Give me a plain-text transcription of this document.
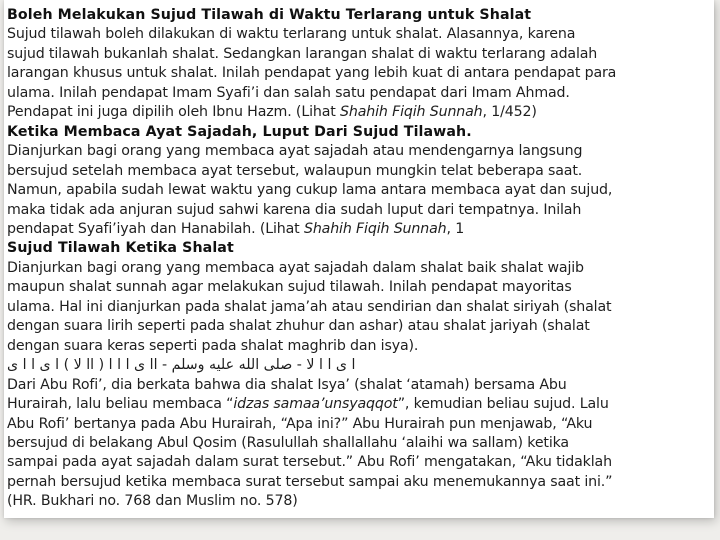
Boleh Melakukan Sujud Tilawah di Waktu Terlarang untuk Shalat

Sujud tilawah boleh dilakukan di waktu terlarang untuk shalat. Alasannya, karena
sujud tilawah bukanlah shalat. Sedangkan larangan shalat di waktu terlarang adalah
larangan khusus untuk shalat. Inilah pendapat yang lebih kuat di antara pendapat para
ulama. Inilah pendapat Imam Syafi’i dan salah satu pendapat dari Imam Ahmad.
Pendapat ini juga dipilih oleh Ibnu Hazm. (Lihat Shahih Fiqih Sunnah, 1/452)

Ketika Membaca Ayat Sajadah, Luput Dari Sujud Tilawah.

Dianjurkan bagi orang yang membaca ayat sajadah atau mendengarnya langsung
bersujud setelah membaca ayat tersebut, walaupun mungkin telat beberapa saat.
Namun, apabila sudah lewat waktu yang cukup lama antara membaca ayat dan sujud,
maka tidak ada anjuran sujud sahwi karena dia sudah luput dari tempatnya. Inilah
pendapat Syafi’iyah dan Hanabilah. (Lihat Shahih Fiqih Sunnah, 1

Sujud Tilawah Ketika Shalat

Dianjurkan bagi orang yang membaca ayat sajadah dalam shalat baik shalat wajib
maupun shalat sunnah agar melakukan sujud tilawah. Inilah pendapat mayoritas
ulama. Hal ini dianjurkan pada shalat jama’ah atau sendirian dan shalat siriyah (shalat
dengan suara lirih seperti pada shalat zhuhur dan ashar) atau shalat jariyah (shalat
dengan suara keras seperti pada shalat maghrib dan isya).

ا ى ا ا لا - صلى الله عليه وسلم - اا ى ا ا ا ( اا لا ) ا ى ا ا ى

Dari Abu Rofi’, dia berkata bahwa dia shalat Isya’ (shalat ‘atamah) bersama Abu
Hurairah, lalu beliau membaca “idzas samaa’unsyaqqot”, kemudian beliau sujud. Lalu
Abu Rofi’ bertanya pada Abu Hurairah, “Apa ini?” Abu Hurairah pun menjawab, “Aku
bersujud di belakang Abul Qosim (Rasulullah shallallahu ‘alaihi wa sallam) ketika
sampai pada ayat sajadah dalam surat tersebut.” Abu Rofi’ mengatakan, “Aku tidaklah
pernah bersujud ketika membaca surat tersebut sampai aku menemukannya saat ini.”
(HR. Bukhari no. 768 dan Muslim no. 578)
